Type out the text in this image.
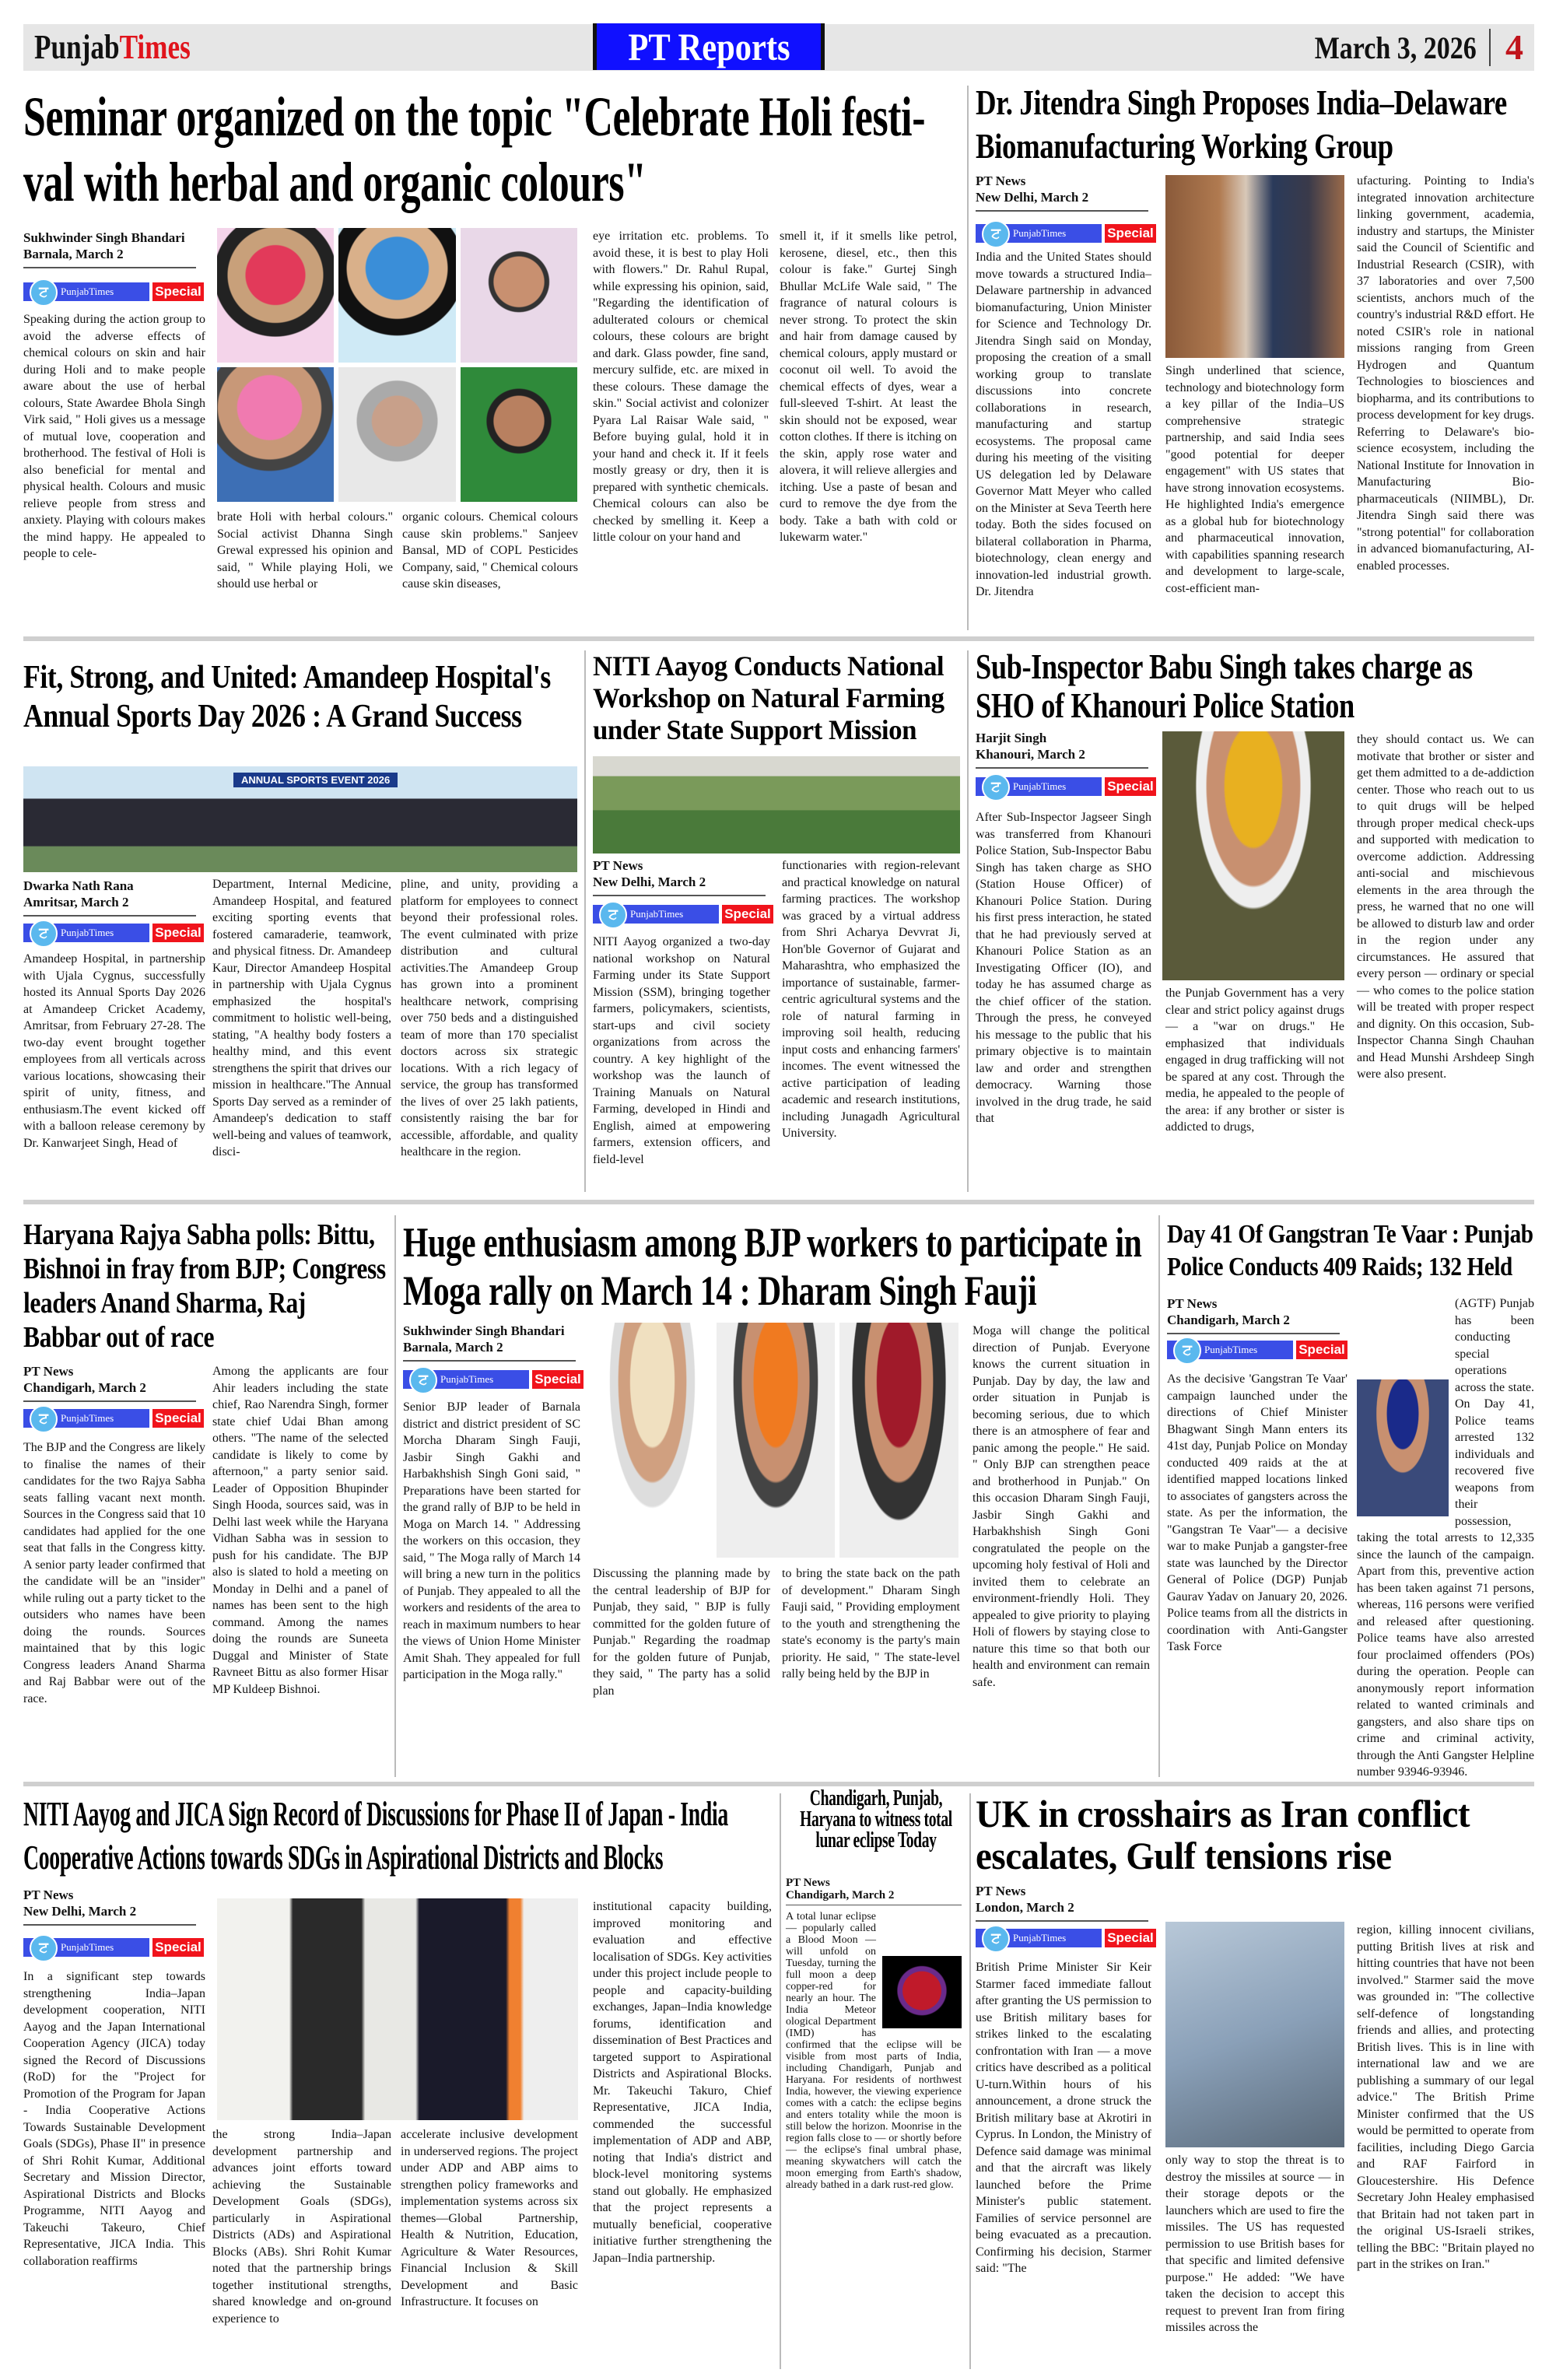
PunjabTimes	PT Reports	March 3, 2026 4
Seminar organized on the topic "Celebrate Holi festi-val with herbal and organic colours"
Sukhwinder Singh Bhandari
Barnala, March 2
ਟ	PunjabTimes	Special
Speaking during the action group to avoid the adverse effects of chemical colours on skin and hair during Holi and to make people aware about the use of herbal colours, State Awardee Bhola Singh Virk said, " Holi gives us a message of mutual love, cooperation and brotherhood. The festival of Holi is also beneficial for mental and physical health. Colours and music relieve people from stress and anxiety. Playing with colours makes the mind happy. He appealed to people to cele-
brate Holi with herbal colours." Social activist Dhanna Singh Grewal expressed his opinion and said, " While playing Holi, we should use herbal or
organic colours. Chemical colours cause skin problems." Sanjeev Bansal, MD of COPL Pesticides Company, said, " Chemical colours cause skin diseases,
eye irritation etc. problems. To avoid these, it is best to play Holi with flowers." Dr. Rahul Rupal, while expressing his opinion, said, "Regarding the identification of adulterated colours or chemical colours, these colours are bright and dark. Glass powder, fine sand, mercury sulfide, etc. are mixed in these colours. These damage the skin." Social activist and colonizer Pyara Lal Raisar Wale said, " Before buying gulal, hold it in your hand and check it. If it feels mostly greasy or dry, then it is prepared with synthetic chemicals. Chemical colours can also be checked by smelling it. Keep a little colour on your hand and
smell it, if it smells like petrol, kerosene, diesel, etc., then this colour is fake." Gurtej Singh Bhullar McLife Wale said, " The fragrance of natural colours is never strong. To protect the skin and hair from damage caused by chemical colours, apply mustard or coconut oil well. To avoid the chemical effects of dyes, wear a full-sleeved T-shirt. At least the skin should not be exposed, wear cotton clothes. If there is itching on the skin, apply rose water and alovera, it will relieve allergies and itching. Use a paste of besan and curd to remove the dye from the body. Take a bath with cold or lukewarm water."
Dr. Jitendra Singh Proposes India–Delaware Biomanufacturing Working Group
PT News
New Delhi, March 2
ਟ	PunjabTimes	Special
India and the United States should move towards a structured India–Delaware partnership in advanced biomanufacturing, Union Minister for Science and Technology Dr. Jitendra Singh said on Monday, proposing the creation of a small working group to translate discussions into concrete collaborations in research, manufacturing and startup ecosystems. The proposal came during his meeting of the visiting US delegation led by Delaware Governor Matt Meyer who called on the Minister at Seva Teerth here today. Both the sides focused on bilateral collaboration in Pharma, biotechnology, clean energy and innovation-led industrial growth. Dr. Jitendra
Singh underlined that science, technology and biotechnology form a key pillar of the India–US comprehensive strategic partnership, and said India sees "good potential for deeper engagement" with US states that have strong innovation ecosystems. He highlighted India's emergence as a global hub for biotechnology and pharmaceutical innovation, with capabilities spanning research and development to large-scale, cost-efficient man-
ufacturing. Pointing to India's integrated innovation architecture linking government, academia, industry and startups, the Minister said the Council of Scientific and Industrial Research (CSIR), with 37 laboratories and over 7,500 scientists, anchors much of the country's industrial R&D effort. He noted CSIR's role in national missions ranging from Green Hydrogen and Quantum Technologies to biosciences and biopharma, and its contributions to process development for key drugs. Referring to Delaware's bio-science ecosystem, including the National Institute for Innovation in Manufacturing Bio-pharmaceuticals (NIIMBL), Dr. Jitendra Singh said there was "strong potential" for collaboration in advanced biomanufacturing, AI-enabled processes.
Fit, Strong, and United: Amandeep Hospital's Annual Sports Day 2026 : A Grand Success
ANNUAL SPORTS EVENT 2026
Dwarka Nath Rana
Amritsar, March 2
ਟ	PunjabTimes	Special
Amandeep Hospital, in partnership with Ujala Cygnus, successfully hosted its Annual Sports Day 2026 at Amandeep Cricket Academy, Amritsar, from February 27-28. The two-day event brought together employees from all verticals across various locations, showcasing their spirit of unity, fitness, and enthusiasm.The event kicked off with a balloon release ceremony by Dr. Kanwarjeet Singh, Head of
Department, Internal Medicine, Amandeep Hospital, and featured exciting sporting events that fostered camaraderie, teamwork, and physical fitness. Dr. Amandeep Kaur, Director Amandeep Hospital in partnership with Ujala Cygnus emphasized the hospital's commitment to holistic well-being, stating, "A healthy body fosters a healthy mind, and this event strengthens the spirit that drives our mission in healthcare."The Annual Sports Day served as a reminder of Amandeep's dedication to staff well-being and values of teamwork, disci-
pline, and unity, providing a platform for employees to connect beyond their professional roles. The event culminated with prize distribution and cultural activities.The Amandeep Group has grown into a prominent healthcare network, comprising over 750 beds and a distinguished team of more than 170 specialist doctors across six strategic locations. With a rich legacy of service, the group has transformed the lives of over 25 lakh patients, consistently raising the bar for accessible, affordable, and quality healthcare in the region.
NITI Aayog Conducts National Workshop on Natural Farming under State Support Mission
PT News
New Delhi, March 2
ਟ	PunjabTimes	Special
NITI Aayog organized a two-day national workshop on Natural Farming under its State Support Mission (SSM), bringing together farmers, policymakers, scientists, start-ups and civil society organizations from across the country. A key highlight of the workshop was the launch of Training Manuals on Natural Farming, developed in Hindi and English, aimed at empowering farmers, extension officers, and field-level
functionaries with region-relevant and practical knowledge on natural farming practices. The workshop was graced by a virtual address from Shri Acharya Devvrat Ji, Hon'ble Governor of Gujarat and Maharashtra, who emphasized the importance of sustainable, farmer-centric agricultural systems and the role of natural farming in improving soil health, reducing input costs and enhancing farmers' incomes. The event witnessed the active participation of leading academic and research institutions, including Junagadh Agricultural University.
Sub-Inspector Babu Singh takes charge as SHO of Khanouri Police Station
Harjit Singh
Khanouri, March 2
ਟ	PunjabTimes	Special
After Sub-Inspector Jagseer Singh was transferred from Khanouri Police Station, Sub-Inspector Babu Singh has taken charge as SHO (Station House Officer) of Khanouri Police Station. During his first press interaction, he stated that he had previously served at Khanouri Police Station as an Investigating Officer (IO), and today he has assumed charge as the chief officer of the station. Through the press, he conveyed his message to the public that his primary objective is to maintain law and order and strengthen democracy. Warning those involved in the drug trade, he said that
the Punjab Government has a very clear and strict policy against drugs — a "war on drugs." He emphasized that individuals engaged in drug trafficking will not be spared at any cost. Through the media, he appealed to the people of the area: if any brother or sister is addicted to drugs,
they should contact us. We can motivate that brother or sister and get them admitted to a de-addiction center. Those who reach out to us to quit drugs will be helped through proper medical check-ups and supported with medication to overcome addiction. Addressing anti-social and mischievous elements in the area through the press, he warned that no one will be allowed to disturb law and order in the region under any circumstances. He assured that every person — ordinary or special — who comes to the police station will be treated with proper respect and dignity. On this occasion, Sub-Inspector Channa Singh Chauhan and Head Munshi Arshdeep Singh were also present.
Haryana Rajya Sabha polls: Bittu, Bishnoi in fray from BJP; Congress leaders Anand Sharma, Raj Babbar out of race
PT News
Chandigarh, March 2
ਟ	PunjabTimes	Special
The BJP and the Congress are likely to finalise the names of their candidates for the two Rajya Sabha seats falling vacant next month. Sources in the Congress said that 10 candidates had applied for the one seat that falls in the Congress kitty. A senior party leader confirmed that the candidate will be an "insider" while ruling out a party ticket to the outsiders who names have been doing the rounds. Sources maintained that by this logic Congress leaders Anand Sharma and Raj Babbar were out of the race.
Among the applicants are four Ahir leaders including the state chief, Rao Narendra Singh, former state chief Udai Bhan among others. "The name of the selected candidate is likely to come by afternoon," a party senior said. Leader of Opposition Bhupinder Singh Hooda, sources said, was in Delhi last week while the Haryana Vidhan Sabha was in session to push for his candidate. The BJP also is slated to hold a meeting on Monday in Delhi and a panel of names has been sent to the high command. Among the names doing the rounds are Suneeta Duggal and Minister of State Ravneet Bittu as also former Hisar MP Kuldeep Bishnoi.
Huge enthusiasm among BJP workers to participate in Moga rally on March 14 : Dharam Singh Fauji
Sukhwinder Singh Bhandari
Barnala, March 2
ਟ	PunjabTimes	Special
Senior BJP leader of Barnala district and district president of SC Morcha Dharam Singh Fauji, Jasbir Singh Gakhi and Harbakhshish Singh Goni said, " Preparations have been started for the grand rally of BJP to be held in Moga on March 14. " Addressing the workers on this occasion, they said, " The Moga rally of March 14 will bring a new turn in the politics of Punjab. They appealed to all the workers and residents of the area to reach in maximum numbers to hear the views of Union Home Minister Amit Shah. They appealed for full participation in the Moga rally."
Discussing the planning made by the central leadership of BJP for Punjab, they said, " BJP is fully committed for the golden future of Punjab." Regarding the roadmap for the golden future of Punjab, they said, " The party has a solid plan
to bring the state back on the path of development." Dharam Singh Fauji said, " Providing employment to the youth and strengthening the state's economy is the party's main priority. He said, " The state-level rally being held by the BJP in
Moga will change the political direction of Punjab. Everyone knows the current situation in Punjab. Day by day, the law and order situation in Punjab is becoming serious, due to which there is an atmosphere of fear and panic among the people." He said. " Only BJP can strengthen peace and brotherhood in Punjab." On this occasion Dharam Singh Fauji, Jasbir Singh Gakhi and Harbakhshish Singh Goni congratulated the people on the upcoming holy festival of Holi and invited them to celebrate an environment-friendly Holi. They appealed to give priority to playing Holi of flowers by staying close to nature this time so that both our health and environment can remain safe.
Day 41 Of Gangstran Te Vaar : Punjab Police Conducts 409 Raids; 132 Held
PT News
Chandigarh, March 2
ਟ	PunjabTimes	Special
As the decisive 'Gangstran Te Vaar' campaign launched under the directions of Chief Minister Bhagwant Singh Mann enters its 41st day, Punjab Police on Monday conducted 409 raids at the at identified mapped locations linked to associates of gangsters across the state. As per the information, the "Gangstran Te Vaar"— a decisive war to make Punjab a gangster-free state was launched by the Director General of Police (DGP) Punjab Gaurav Yadav on January 20, 2026. Police teams from all the districts in coordination with Anti-Gangster Task Force
(AGTF) Punjab has been conducting special operations across the state. On Day 41, Police teams arrested 132 individuals and recovered five weapons from their possession, taking the total arrests to 12,335 since the launch of the campaign. Apart from this, preventive action has been taken against 71 persons, whereas, 116 persons were verified and released after questioning. Police teams have also arrested four proclaimed offenders (POs) during the operation. People can anonymously report information related to wanted criminals and gangsters, and also share tips on crime and criminal activity, through the Anti Gangster Helpline number 93946-93946.
NITI Aayog and JICA Sign Record of Discussions for Phase II of Japan - India Cooperative Actions towards SDGs in Aspirational Districts and Blocks
PT News
New Delhi, March 2
ਟ	PunjabTimes	Special
In a significant step towards strengthening India–Japan development cooperation, NITI Aayog and the Japan International Cooperation Agency (JICA) today signed the Record of Discussions (RoD) for the "Project for Promotion of the Program for Japan - India Cooperative Actions Towards Sustainable Development Goals (SDGs), Phase II" in presence of Shri Rohit Kumar, Additional Secretary and Mission Director, Aspirational Districts and Blocks Programme, NITI Aayog and Takeuchi Takeuro, Chief Representative, JICA India. This collaboration reaffirms
the strong India–Japan development partnership and advances joint efforts toward achieving the Sustainable Development Goals (SDGs), particularly in Aspirational Districts (ADs) and Aspirational Blocks (ABs). Shri Rohit Kumar noted that the partnership brings together institutional strengths, shared knowledge and on-ground experience to
accelerate inclusive development in underserved regions. The project under ADP and ABP aims to strengthen policy frameworks and implementation systems across six themes—Global Partnership, Health & Nutrition, Education, Agriculture & Water Resources, Financial Inclusion & Skill Development and Basic Infrastructure. It focuses on
institutional capacity building, improved monitoring and evaluation and effective localisation of SDGs. Key activities under this project include people to people and capacity-building exchanges, Japan–India knowledge forums, identification and dissemination of Best Practices and targeted support to Aspirational Districts and Aspirational Blocks. Mr. Takeuchi Takuro, Chief Representative, JICA India, commended the successful implementation of ADP and ABP, noting that India's district and block-level monitoring systems stand out globally. He emphasized that the project represents a mutually beneficial, cooperative initiative further strengthening the Japan–India partnership.
Chandigarh, Punjab, Haryana to witness total lunar eclipse Today
PT News
Chandigarh, March 2
A total lunar eclipse — popularly called a Blood Moon — will unfold on Tuesday, turning the full moon a deep copper-red for nearly an hour. The India Meteor ological Department (IMD) has confirmed that the eclipse will be visible from most parts of India, including Chandigarh, Punjab and Haryana. For residents of northwest India, however, the viewing experience comes with a catch: the eclipse begins and enters totality while the moon is still below the horizon. Moonrise in the region falls close to — or shortly before — the eclipse's final umbral phase, meaning skywatchers will catch the moon emerging from Earth's shadow, already bathed in a dark rust-red glow.
UK in crosshairs as Iran conflict escalates, Gulf tensions rise
PT News
London, March 2
ਟ	PunjabTimes	Special
British Prime Minister Sir Keir Starmer faced immediate fallout after granting the US permission to use British military bases for strikes linked to the escalating confrontation with Iran — a move critics have described as a political U-turn.Within hours of his announcement, a drone struck the British military base at Akrotiri in Cyprus. In London, the Ministry of Defence said damage was minimal and that the aircraft was likely launched before the Prime Minister's public statement. Families of service personnel are being evacuated as a precaution. Confirming his decision, Starmer said: "The
only way to stop the threat is to destroy the missiles at source — in their storage depots or the launchers which are used to fire the missiles. The US has requested permission to use British bases for that specific and limited defensive purpose." He added: "We have taken the decision to accept this request to prevent Iran from firing missiles across the
region, killing innocent civilians, putting British lives at risk and hitting countries that have not been involved." Starmer said the move was grounded in: "The collective self-defence of longstanding friends and allies, and protecting British lives. This is in line with international law and we are publishing a summary of our legal advice." The British Prime Minister confirmed that the US would be permitted to operate from facilities, including Diego Garcia and RAF Fairford in Gloucestershire. His Defence Secretary John Healey emphasised that Britain had not taken part in the original US-Israeli strikes, telling the BBC: "Britain played no part in the strikes on Iran."
